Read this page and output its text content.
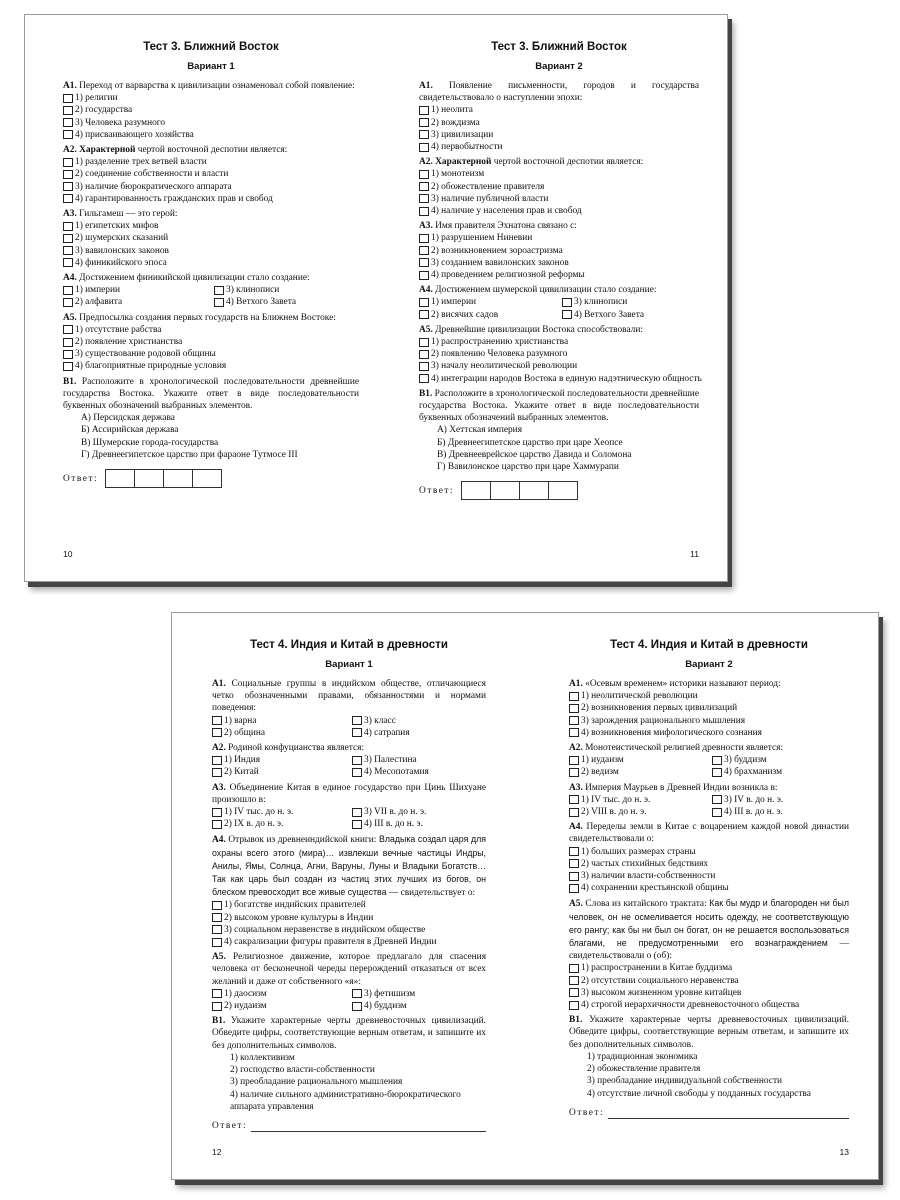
Тест 3. Ближний Восток
Вариант 1
А1. Переход от варварства к цивилизации ознаменовал собой появление:
1) религии
2) государства
3) Человека разумного
4) присваивающего хозяйства
А2. Характерной чертой восточной деспотии является:
1) разделение трех ветвей власти
2) соединение собственности и власти
3) наличие бюрократического аппарата
4) гарантированность гражданских прав и свобод
А3. Гильгамеш — это герой:
1) египетских мифов
2) шумерских сказаний
3) вавилонских законов
4) финикийского эпоса
А4. Достижением финикийской цивилизации стало создание:
1) империи	3) клинописи
2) алфавита	4) Ветхого Завета
А5. Предпосылка создания первых государств на Ближнем Востоке:
1) отсутствие рабства
2) появление христианства
3) существование родовой общины
4) благоприятные природные условия
В1. Расположите в хронологической последовательности древнейшие государства Востока. Укажите ответ в виде последовательности буквенных обозначений выбранных элементов.
А) Персидская держава
Б) Ассирийская держава
В) Шумерские города-государства
Г) Древнеегипетское царство при фараоне Тутмосе III
Ответ:
10
Тест 3. Ближний Восток
Вариант 2
А1. Появление письменности, городов и государства свидетельствовало о наступлении эпохи:
1) неолита
2) вождизма
3) цивилизации
4) первобытности
А2. Характерной чертой восточной деспотии является:
1) монотеизм
2) обожествление правителя
3) наличие публичной власти
4) наличие у населения прав и свобод
А3. Имя правителя Эхнатона связано с:
1) разрушением Ниневии
2) возникновением зороастризма
3) созданием вавилонских законов
4) проведением религиозной реформы
А4. Достижением шумерской цивилизации стало создание:
1) империи	3) клинописи
2) висячих садов	4) Ветхого Завета
А5. Древнейшие цивилизации Востока способствовали:
1) распространению христианства
2) появлению Человека разумного
3) началу неолитической революции
4) интеграции народов Востока в единую надэтническую общность
В1. Расположите в хронологической последовательности древнейшие государства Востока. Укажите ответ в виде последовательности буквенных обозначений выбранных элементов.
А) Хеттская империя
Б) Древнеегипетское царство при царе Хеопсе
В) Древнееврейское царство Давида и Соломона
Г) Вавилонское царство при царе Хаммурапи
Ответ:
11
Тест 4. Индия и Китай в древности
Вариант 1
А1. Социальные группы в индийском обществе, отличающиеся четко обозначенными правами, обязанностями и нормами поведения:
1) варна	3) класс
2) община	4) сатрапия
А2. Родиной конфуцианства является:
1) Индия	3) Палестина
2) Китай	4) Месопотамия
А3. Объединение Китая в единое государство при Цинь Шихуане произошло в:
1) IV тыс. до н. э.	3) VII в. до н. э.
2) IX в. до н. э.	4) III в. до н. э.
А4. Отрывок из древнеиндийской книги: Владыка создал царя для охраны всего этого (мира)… извлекши вечные частицы Индры, Анилы, Ямы, Солнца, Агни, Варуны, Луны и Владыки Богатств… Так как царь был создан из частиц этих лучших из богов, он блеском превосходит все живые существа — свидетельствует о:
1) богатстве индийских правителей
2) высоком уровне культуры в Индии
3) социальном неравенстве в индийском обществе
4) сакрализации фигуры правителя в Древней Индии
А5. Религиозное движение, которое предлагало для спасения человека от бесконечной череды перерождений отказаться от всех желаний и даже от собственного «я»:
1) даосизм	3) фетишизм
2) иудаизм	4) буддизм
В1. Укажите характерные черты древневосточных цивилизаций. Обведите цифры, соответствующие верным ответам, и запишите их без дополнительных символов.
1) коллективизм
2) господство власти-собственности
3) преобладание рационального мышления
4) наличие сильного административно-бюрократического аппарата управления
Ответ:
12
Тест 4. Индия и Китай в древности
Вариант 2
А1. «Осевым временем» историки называют период:
1) неолитической революции
2) возникновения первых цивилизаций
3) зарождения рационального мышления
4) возникновения мифологического сознания
А2. Монотеистической религией древности является:
1) иудаизм	3) буддизм
2) ведизм	4) брахманизм
А3. Империя Маурьев в Древней Индии возникла в:
1) IV тыс. до н. э.	3) IV в. до н. э.
2) VIII в. до н. э.	4) III в. до н. э.
А4. Переделы земли в Китае с воцарением каждой новой династии свидетельствовали о:
1) больших размерах страны
2) частых стихийных бедствиях
3) наличии власти-собственности
4) сохранении крестьянской общины
А5. Слова из китайского трактата: Как бы мудр и благороден ни был человек, он не осмеливается носить одежду, не соответствующую его рангу; как бы ни был он богат, он не решается воспользоваться благами, не предусмотренными его вознаграждением — свидетельствовали о (об):
1) распространении в Китае буддизма
2) отсутствии социального неравенства
3) высоком жизненном уровне китайцев
4) строгой иерархичности древневосточного общества
В1. Укажите характерные черты древневосточных цивилизаций. Обведите цифры, соответствующие верным ответам, и запишите их без дополнительных символов.
1) традиционная экономика
2) обожествление правителя
3) преобладание индивидуальной собственности
4) отсутствие личной свободы у подданных государства
Ответ:
13
